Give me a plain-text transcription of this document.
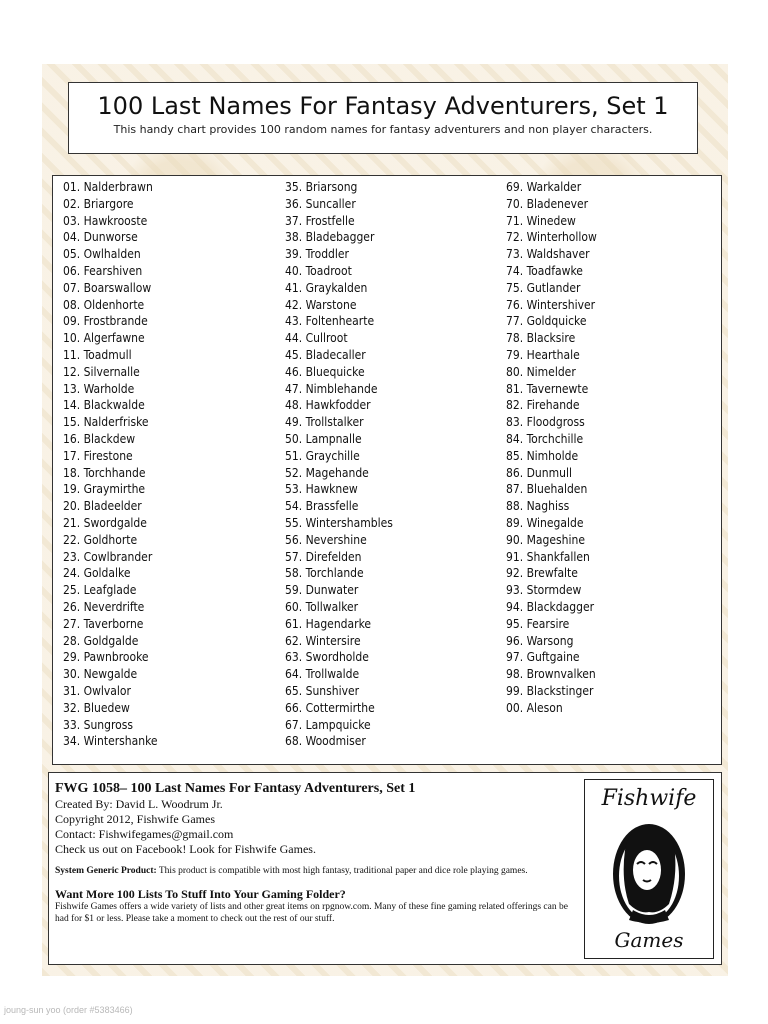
100 Last Names For Fantasy Adventurers, Set 1
This handy chart provides 100 random names for fantasy adventurers and non player characters.
01. Nalderbrawn
02. Briargore
03. Hawkrooste
04. Dunworse
05. Owlhalden
06. Fearshiven
07. Boarswallow
08. Oldenhorte
09. Frostbrande
10. Algerfawne
11. Toadmull
12. Silvernalle
13. Warholde
14. Blackwalde
15. Nalderfriske
16. Blackdew
17. Firestone
18. Torchhande
19. Graymirthe
20. Bladeelder
21. Swordgalde
22. Goldhorte
23. Cowlbrander
24. Goldalke
25. Leafglade
26. Neverdrifte
27. Taverborne
28. Goldgalde
29. Pawnbrooke
30. Newgalde
31. Owlvalor
32. Bluedew
33. Sungross
34. Wintershanke
35. Briarsong
36. Suncaller
37. Frostfelle
38. Bladebagger
39. Troddler
40. Toadroot
41. Graykalden
42. Warstone
43. Foltenhearte
44. Cullroot
45. Bladecaller
46. Bluequicke
47. Nimblehande
48. Hawkfodder
49. Trollstalker
50. Lampnalle
51. Graychille
52. Magehande
53. Hawknew
54. Brassfelle
55. Wintershambles
56. Nevershine
57. Direfelden
58. Torchlande
59. Dunwater
60. Tollwalker
61. Hagendarke
62. Wintersire
63. Swordholde
64. Trollwalde
65. Sunshiver
66. Cottermirthe
67. Lampquicke
68. Woodmiser
69. Warkalder
70. Bladenever
71. Winedew
72. Winterhollow
73. Waldshaver
74. Toadfawke
75. Gutlander
76. Wintershiver
77. Goldquicke
78. Blacksire
79. Hearthale
80. Nimelder
81. Tavernewte
82. Firehande
83. Floodgross
84. Torchchille
85. Nimholde
86. Dunmull
87. Bluehalden
88. Naghiss
89. Winegalde
90. Mageshine
91. Shankfallen
92. Brewfalte
93. Stormdew
94. Blackdagger
95. Fearsire
96. Warsong
97. Guftgaine
98. Brownvalken
99. Blackstinger
00. Aleson
FWG 1058– 100 Last Names For Fantasy Adventurers, Set 1
Created By: David L. Woodrum Jr.
Copyright 2012, Fishwife Games
Contact: Fishwifegames@gmail.com
Check us out on Facebook! Look for Fishwife Games.
System Generic Product: This product is compatible with most high fantasy, traditional paper and dice role playing games.
Want More 100 Lists To Stuff Into Your Gaming Folder?
Fishwife Games offers a wide variety of lists and other great items on rpgnow.com. Many of these fine gaming related offerings can be had for $1 or less. Please take a moment to check out the rest of our stuff.
Fishwife
Games
joung-sun yoo (order #5383466)
